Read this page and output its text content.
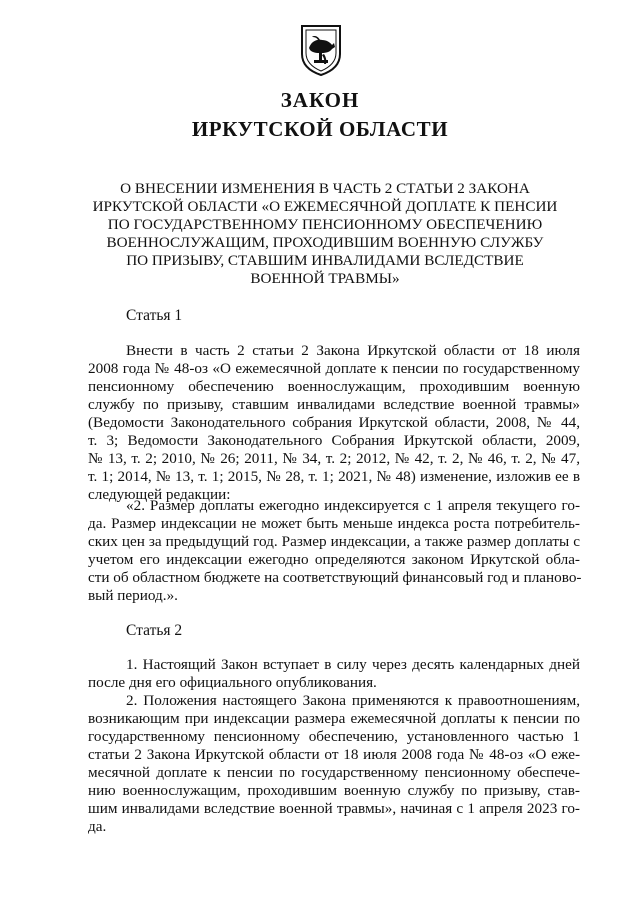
ЗАКОН
ИРКУТСКОЙ ОБЛАСТИ
О ВНЕСЕНИИ ИЗМЕНЕНИЯ В ЧАСТЬ 2 СТАТЬИ 2 ЗАКОНА
ИРКУТСКОЙ ОБЛАСТИ «О ЕЖЕМЕСЯЧНОЙ ДОПЛАТЕ К ПЕНСИИ
ПО ГОСУДАРСТВЕННОМУ ПЕНСИОННОМУ ОБЕСПЕЧЕНИЮ
ВОЕННОСЛУЖАЩИМ, ПРОХОДИВШИМ ВОЕННУЮ СЛУЖБУ
ПО ПРИЗЫВУ, СТАВШИМ ИНВАЛИДАМИ ВСЛЕДСТВИЕ
ВОЕННОЙ ТРАВМЫ»
Статья 1
Внести в часть 2 статьи 2 Закона Иркутской области от 18 июля
2008 года № 48-оз «О ежемесячной доплате к пенсии по государственному
пенсионному обеспечению военнослужащим, проходившим военную
службу по призыву, ставшим инвалидами вследствие военной травмы»
(Ведомости Законодательного собрания Иркутской области, 2008, № 44,
т. 3; Ведомости Законодательного Собрания Иркутской области, 2009,
№ 13, т. 2; 2010, № 26; 2011, № 34, т. 2; 2012, № 42, т. 2, № 46, т. 2, № 47,
т. 1; 2014, № 13, т. 1; 2015, № 28, т. 1; 2021, № 48) изменение, изложив ее в
следующей редакции:
«2. Размер доплаты ежегодно индексируется с 1 апреля текущего го-
да. Размер индексации не может быть меньше индекса роста потребитель-
ских цен за предыдущий год. Размер индексации, а также размер доплаты с
учетом его индексации ежегодно определяются законом Иркутской обла-
сти об областном бюджете на соответствующий финансовый год и планово-
вый период.».
Статья 2
1. Настоящий Закон вступает в силу через десять календарных дней
после дня его официального опубликования.
2. Положения настоящего Закона применяются к правоотношениям,
возникающим при индексации размера ежемесячной доплаты к пенсии по
государственному пенсионному обеспечению, установленного частью 1
статьи 2 Закона Иркутской области от 18 июля 2008 года № 48-оз «О еже-
месячной доплате к пенсии по государственному пенсионному обеспече-
нию военнослужащим, проходившим военную службу по призыву, став-
шим инвалидами вследствие военной травмы», начиная с 1 апреля 2023 го-
да.
